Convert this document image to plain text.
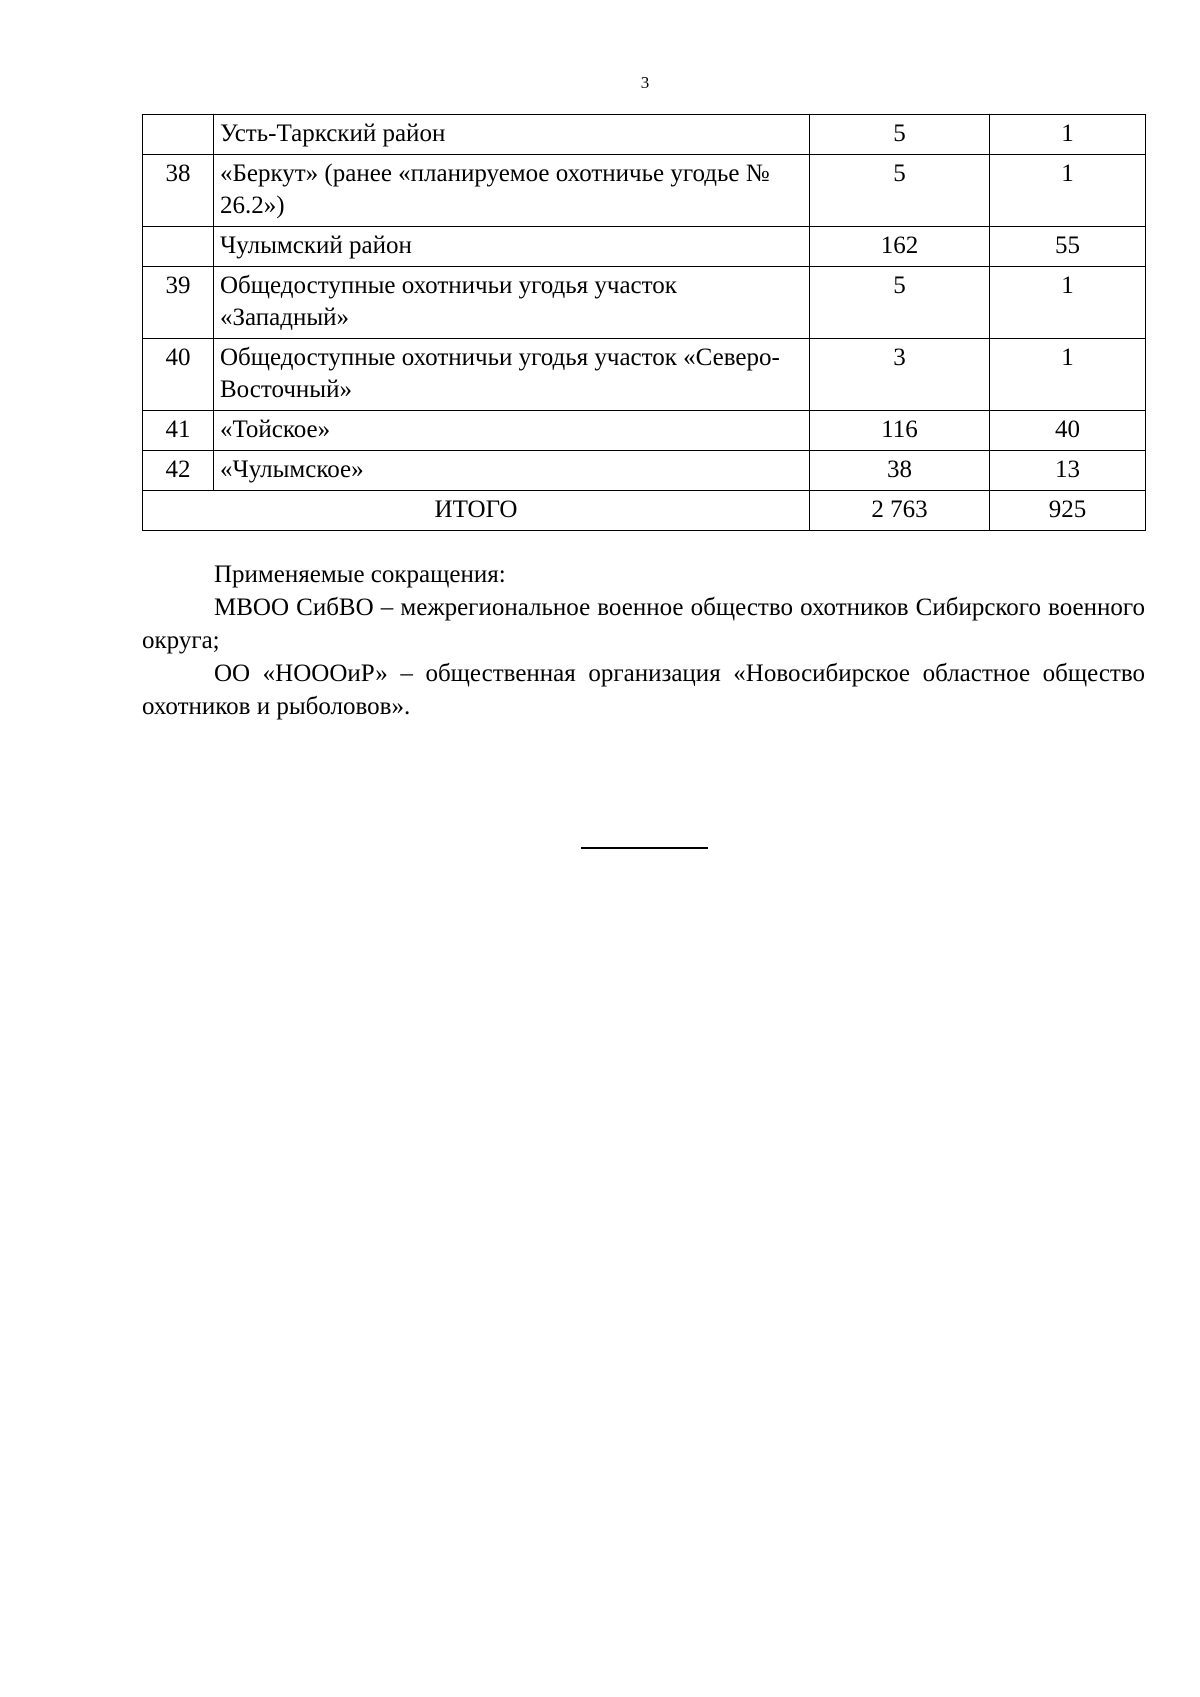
3
	Усть-Таркский район	5	1
38	«Беркут» (ранее «планируемое охотничье угодье № 26.2»)	5	1
	Чулымский район	162	55
39	Общедоступные охотничьи угодья участок «Западный»	5	1
40	Общедоступные охотничьи угодья участок «Северо-Восточный»	3	1
41	«Тойское»	116	40
42	«Чулымское»	38	13
ИТОГО		2 763	925

Применяемые сокращения:

МВОО СибВО – межрегиональное военное общество охотников Сибирского военного округа;

ОО «НОООиР» – общественная организация «Новосибирское областное общество охотников и рыболовов».
